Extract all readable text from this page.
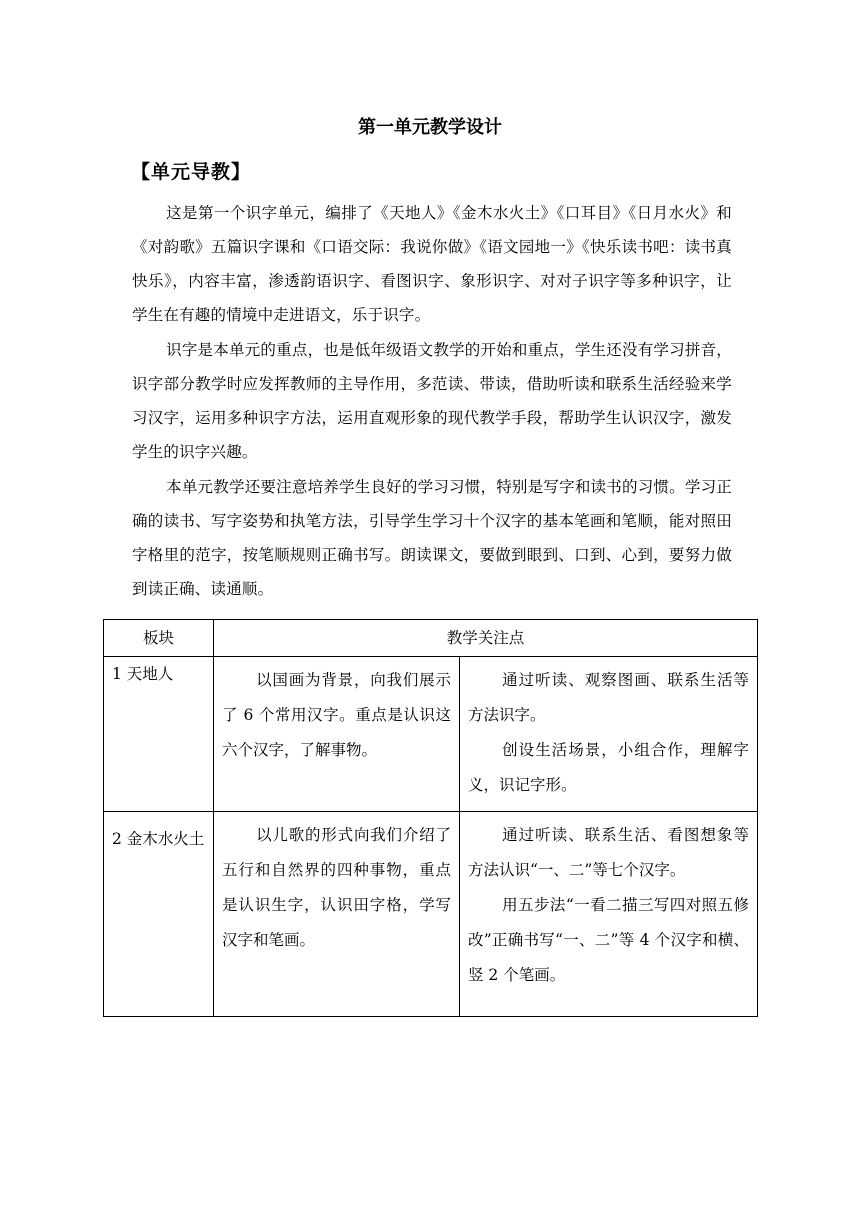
第一单元教学设计
【单元导教】

这是第一个识字单元，编排了《天地人》《金木水火土》《口耳目》《日月水火》和《对韵歌》五篇识字课和《口语交际：我说你做》《语文园地一》《快乐读书吧：读书真快乐》，内容丰富，渗透韵语识字、看图识字、象形识字、对对子识字等多种识字，让学生在有趣的情境中走进语文，乐于识字。

识字是本单元的重点，也是低年级语文教学的开始和重点，学生还没有学习拼音，识字部分教学时应发挥教师的主导作用，多范读、带读，借助听读和联系生活经验来学习汉字，运用多种识字方法，运用直观形象的现代教学手段，帮助学生认识汉字，激发学生的识字兴趣。

本单元教学还要注意培养学生良好的学习习惯，特别是写字和读书的习惯。学习正确的读书、写字姿势和执笔方法，引导学生学习十个汉字的基本笔画和笔顺，能对照田字格里的范字，按笔顺规则正确书写。朗读课文，要做到眼到、口到、心到，要努力做到读正确、读通顺。

板块	教学关注点	
1 天地人	以国画为背景，向我们展示了 6 个常用汉字。重点是认识这六个汉字，了解事物。	通过听读、观察图画、联系生活等方法识字。

创设生活场景，小组合作，理解字义，识记字形。

2 金木水火土	以儿歌的形式向我们介绍了五行和自然界的四种事物，重点是认识生字，认识田字格，学写汉字和笔画。	通过听读、联系生活、看图想象等方法认识“一、二”等七个汉字。

用五步法“一看二描三写四对照五修改”正确书写“一、二”等 4 个汉字和横、竖 2 个笔画。
